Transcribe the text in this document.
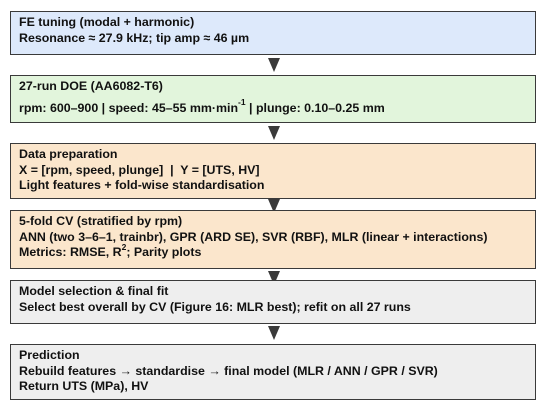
FE tuning (modal + harmonic)
Resonance ≈ 27.9 kHz; tip amp ≈ 46 µm
27-run DOE (AA6082-T6)
rpm: 600–900 | speed: 45–55 $mm\cdot\min^{-1}$ | plunge: 0.10–0.25 mm
Data preparation
X = [rpm, speed, plunge]  |  Y = [UTS, HV]
Light features + fold-wise standardisation
5-fold CV (stratified by rpm)
ANN (two 3–6–1, trainbr), GPR (ARD SE), SVR (RBF), MLR (linear + interactions)
Metrics: RMSE, $R^2$; Parity plots
Model selection & final fit
Select best overall by CV (Figure 16: MLR best); refit on all 27 runs
Prediction
Rebuild features → standardise → final model (MLR / ANN / GPR / SVR)
Return UTS (MPa), HV
